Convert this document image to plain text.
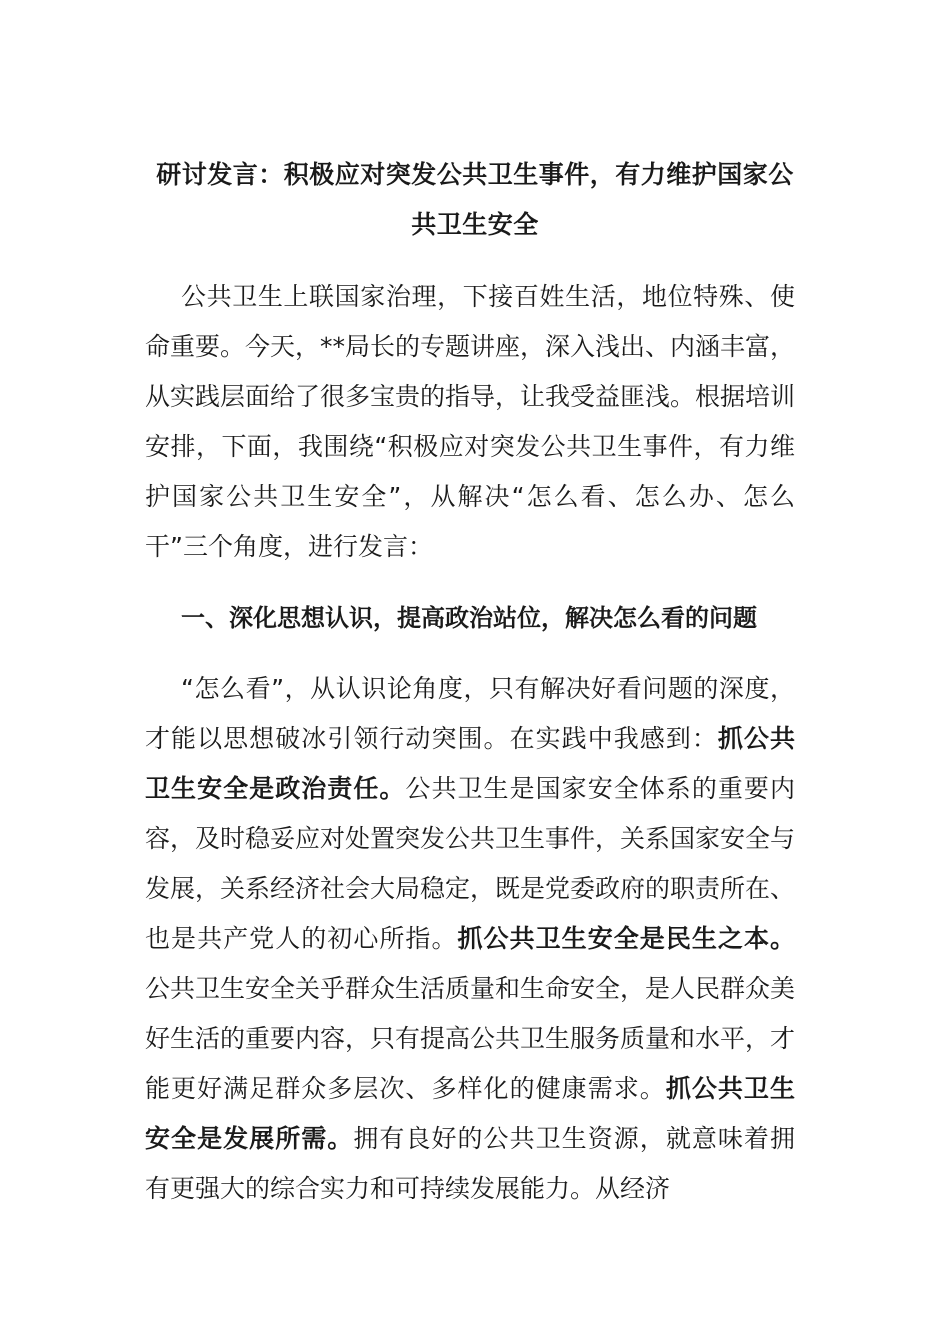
研讨发言：积极应对突发公共卫生事件，有力维护国家公共卫生安全

公共卫生上联国家治理，下接百姓生活，地位特殊、使命重要。今天，**局长的专题讲座，深入浅出、内涵丰富，从实践层面给了很多宝贵的指导，让我受益匪浅。根据培训安排，下面，我围绕“积极应对突发公共卫生事件，有力维护国家公共卫生安全”，从解决“怎么看、怎么办、怎么干”三个角度，进行发言：

一、深化思想认识，提高政治站位，解决怎么看的问题

“怎么看”，从认识论角度，只有解决好看问题的深度，才能以思想破冰引领行动突围。在实践中我感到：抓公共卫生安全是政治责任。公共卫生是国家安全体系的重要内容，及时稳妥应对处置突发公共卫生事件，关系国家安全与发展，关系经济社会大局稳定，既是党委政府的职责所在、也是共产党人的初心所指。抓公共卫生安全是民生之本。公共卫生安全关乎群众生活质量和生命安全，是人民群众美好生活的重要内容，只有提高公共卫生服务质量和水平，才能更好满足群众多层次、多样化的健康需求。抓公共卫生安全是发展所需。拥有良好的公共卫生资源，就意味着拥有更强大的综合实力和可持续发展能力。从经济
